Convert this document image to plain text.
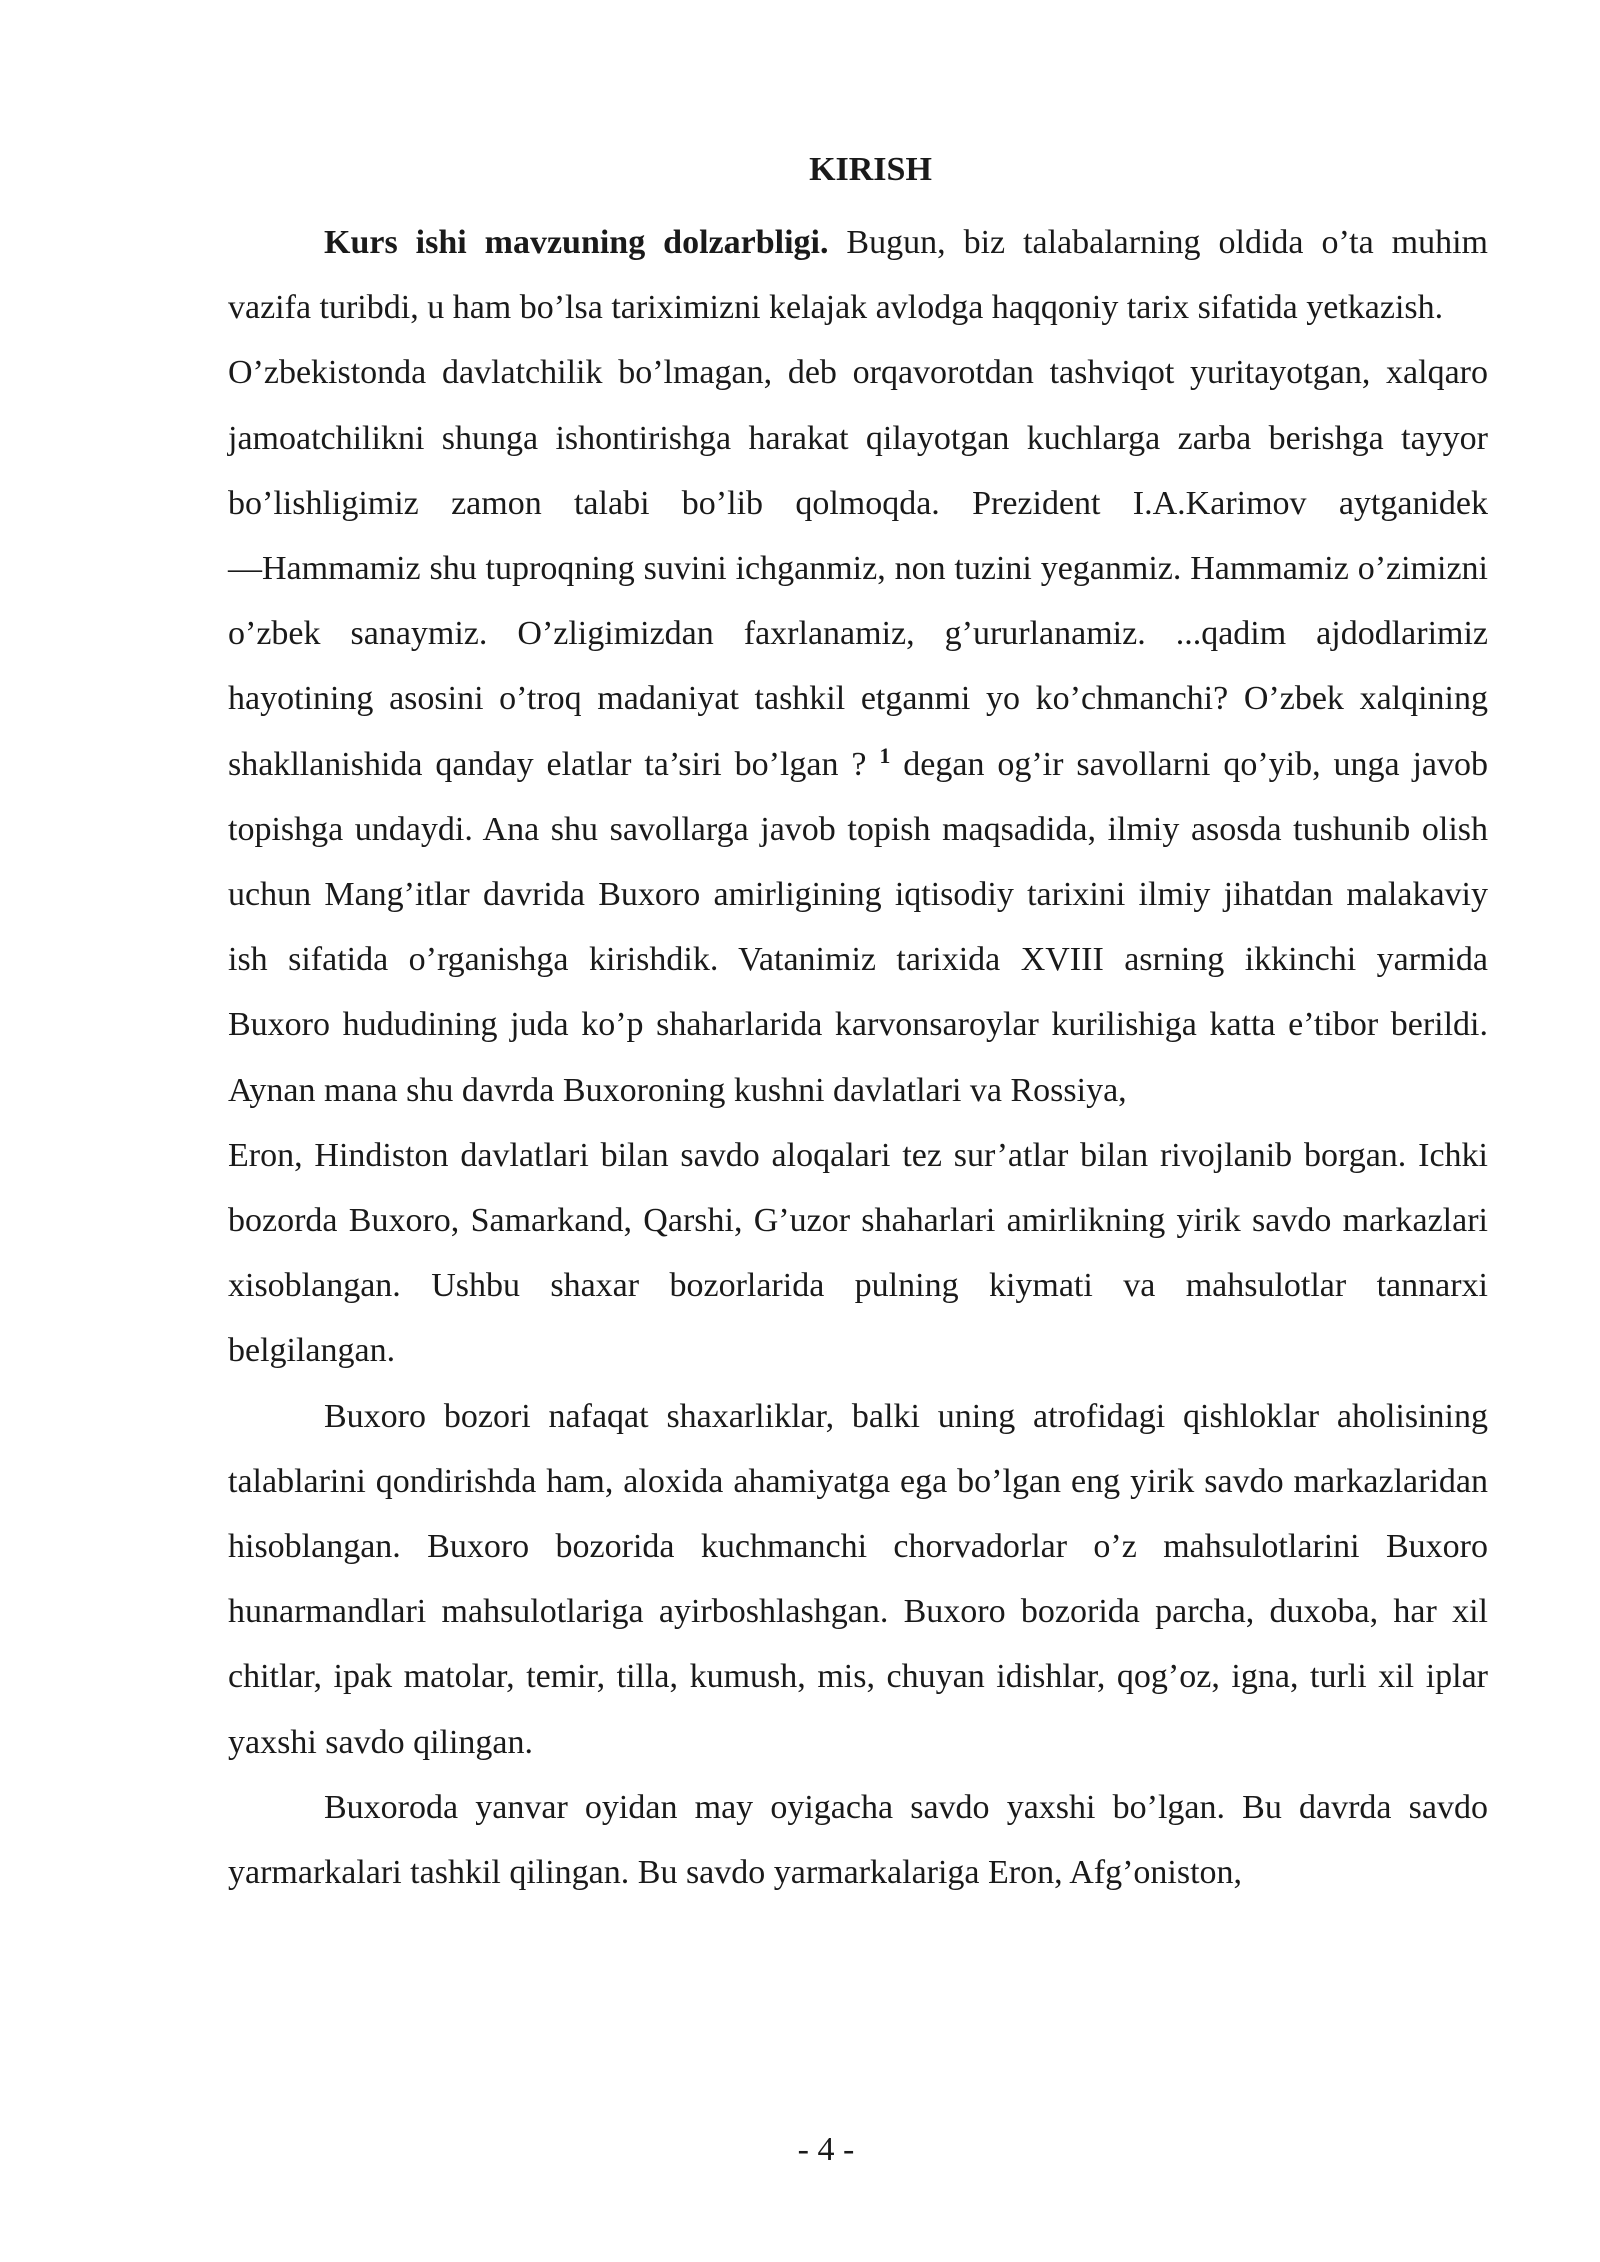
KIRISH

Kurs ishi mavzuning dolzarbligi. Bugun, biz talabalarning oldida o’ta muhim vazifa turibdi, u ham bo’lsa tariximizni kelajak avlodga haqqoniy tarix sifatida yetkazish.

O’zbekistonda davlatchilik bo’lmagan, deb orqavorotdan tashviqot yuritayotgan, xalqaro jamoatchilikni shunga ishontirishga harakat qilayotgan kuchlarga zarba berishga tayyor bo’lishligimiz zamon talabi bo’lib qolmoqda. Prezident I.A.Karimov aytganidek ―Hammamiz shu tuproqning suvini ichganmiz, non tuzini yeganmiz. Hammamiz o’zimizni o’zbek sanaymiz. O’zligimizdan faxrlanamiz, g’ururlanamiz. ...qadim ajdodlarimiz hayotining asosini o’troq madaniyat tashkil etganmi yo ko’chmanchi? O’zbek xalqining shakllanishida qanday elatlar ta’siri bo’lgan ? $^1$ degan og’ir savollarni qo’yib, unga javob topishga undaydi. Ana shu savollarga javob topish maqsadida, ilmiy asosda tushunib olish uchun Mang’itlar davrida Buxoro amirligining iqtisodiy tarixini ilmiy jihatdan malakaviy ish sifatida o’rganishga kirishdik. Vatanimiz tarixida XVIII asrning ikkinchi yarmida Buxoro hududining juda ko’p shaharlarida karvonsaroylar kurilishiga katta e’tibor berildi. Aynan mana shu davrda Buxoroning kushni davlatlari va Rossiya,

Eron, Hindiston davlatlari bilan savdo aloqalari tez sur’atlar bilan rivojlanib borgan. Ichki bozorda Buxoro, Samarkand, Qarshi, G’uzor shaharlari amirlikning yirik savdo markazlari xisoblangan. Ushbu shaxar bozorlarida pulning kiymati va mahsulotlar tannarxi belgilangan.

Buxoro bozori nafaqat shaxarliklar, balki uning atrofidagi qishloklar aholisining talablarini qondirishda ham, aloxida ahamiyatga ega bo’lgan eng yirik savdo markazlaridan hisoblangan. Buxoro bozorida kuchmanchi chorvadorlar o’z mahsulotlarini Buxoro hunarmandlari mahsulotlariga ayirboshlashgan. Buxoro bozorida parcha, duxoba, har xil chitlar, ipak matolar, temir, tilla, kumush, mis, chuyan idishlar, qog’oz, igna, turli xil iplar yaxshi savdo qilingan.

Buxoroda yanvar oyidan may oyigacha savdo yaxshi bo’lgan. Bu davrda savdo yarmarkalari tashkil qilingan. Bu savdo yarmarkalariga Eron, Afg’oniston,

- 4 -
